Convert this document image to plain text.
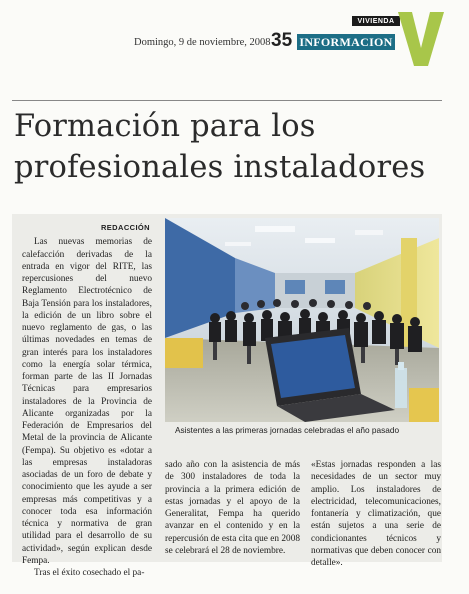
VIVIENDA
Domingo, 9 de noviembre, 2008 35 INFORMACION
Formación para los profesionales instaladores
REDACCIÓN

Las nuevas memorias de calefacción derivadas de la entrada en vigor del RITE, las repercusiones del nuevo Reglamento Electrotécnico de Baja Tensión para los instaladores, la edición de un libro sobre el nuevo reglamento de gas, o las últimas novedades en temas de gran interés para los instaladores como la energía solar térmica, forman parte de las II Jornadas Técnicas para empresarios instaladores de la Provincia de Alicante organizadas por la Federación de Empresarios del Metal de la provincia de Alicante (Fempa). Su objetivo es «dotar a las empresas instaladoras asociadas de un foro de debate y conocimiento que les ayude a ser empresas más competitivas y a conocer toda esa información técnica y normativa de gran utilidad para el desarrollo de su actividad», según explican desde Fempa.

Tras el éxito cosechado el pa-

Asistentes a las primeras jornadas celebradas el año pasado
sado año con la asistencia de más de 300 instaladores de toda la provincia a la primera edición de estas jornadas y el apoyo de la Generalitat, Fempa ha querido avanzar en el contenido y en la repercusión de esta cita que en 2008 se celebrará el 28 de noviembre.
«Estas jornadas responden a las necesidades de un sector muy amplio. Los instaladores de electricidad, telecomunicaciones, fontanería y climatización, que están sujetos a una serie de condicionantes técnicos y normativas que deben conocer con detalle».
